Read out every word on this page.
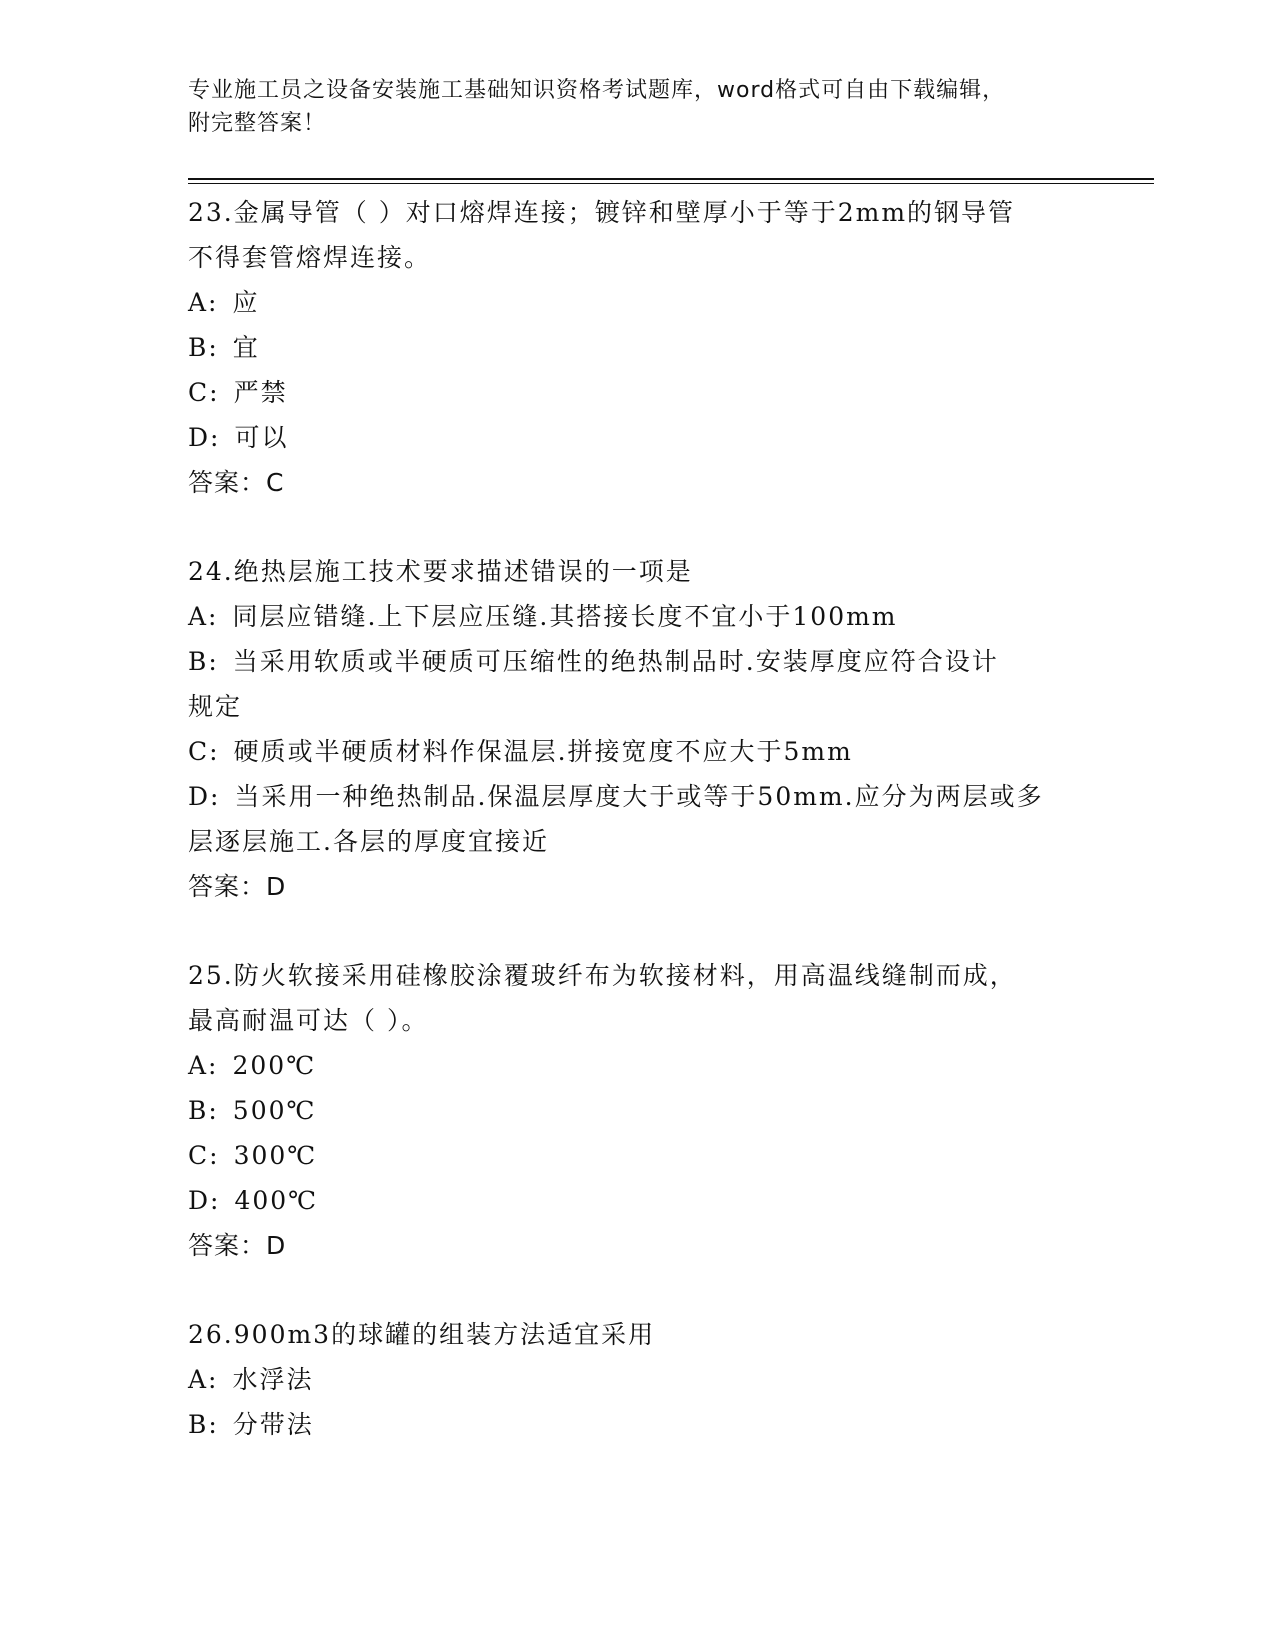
专业施工员之设备安装施工基础知识资格考试题库，word格式可自由下载编辑，
附完整答案！
23.金属导管（ ）对口熔焊连接；镀锌和壁厚小于等于2mm的钢导管
不得套管熔焊连接。
A: 应
B: 宜
C: 严禁
D: 可以
答案：C
24.绝热层施工技术要求描述错误的一项是
A: 同层应错缝.上下层应压缝.其搭接长度不宜小于100mm
B: 当采用软质或半硬质可压缩性的绝热制品时.安装厚度应符合设计
规定
C: 硬质或半硬质材料作保温层.拼接宽度不应大于5mm
D: 当采用一种绝热制品.保温层厚度大于或等于50mm.应分为两层或多
层逐层施工.各层的厚度宜接近
答案：D
25.防火软接采用硅橡胶涂覆玻纤布为软接材料，用高温线缝制而成，
最高耐温可达（ ）。
A: 200℃
B: 500℃
C: 300℃
D: 400℃
答案：D
26.900m3的球罐的组装方法适宜采用
A: 水浮法
B: 分带法
